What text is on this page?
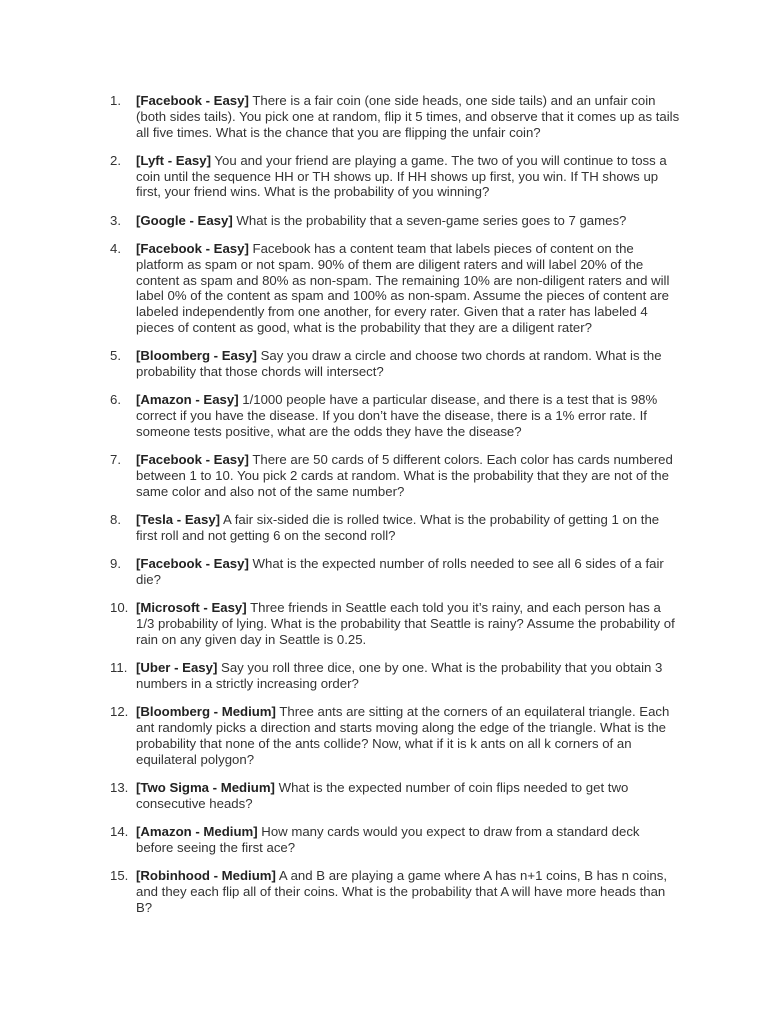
1. [Facebook - Easy] There is a fair coin (one side heads, one side tails) and an unfair coin (both sides tails). You pick one at random, flip it 5 times, and observe that it comes up as tails all five times. What is the chance that you are flipping the unfair coin?
2. [Lyft - Easy] You and your friend are playing a game. The two of you will continue to toss a coin until the sequence HH or TH shows up. If HH shows up first, you win. If TH shows up first, your friend wins. What is the probability of you winning?
3. [Google - Easy] What is the probability that a seven-game series goes to 7 games?
4. [Facebook - Easy] Facebook has a content team that labels pieces of content on the platform as spam or not spam. 90% of them are diligent raters and will label 20% of the content as spam and 80% as non-spam. The remaining 10% are non-diligent raters and will label 0% of the content as spam and 100% as non-spam. Assume the pieces of content are labeled independently from one another, for every rater. Given that a rater has labeled 4 pieces of content as good, what is the probability that they are a diligent rater?
5. [Bloomberg - Easy] Say you draw a circle and choose two chords at random. What is the probability that those chords will intersect?
6. [Amazon - Easy] 1/1000 people have a particular disease, and there is a test that is 98% correct if you have the disease. If you don’t have the disease, there is a 1% error rate. If someone tests positive, what are the odds they have the disease?
7. [Facebook - Easy] There are 50 cards of 5 different colors. Each color has cards numbered between 1 to 10. You pick 2 cards at random. What is the probability that they are not of the same color and also not of the same number?
8. [Tesla - Easy] A fair six-sided die is rolled twice. What is the probability of getting 1 on the first roll and not getting 6 on the second roll?
9. [Facebook - Easy] What is the expected number of rolls needed to see all 6 sides of a fair die?
10. [Microsoft - Easy] Three friends in Seattle each told you it’s rainy, and each person has a 1/3 probability of lying. What is the probability that Seattle is rainy? Assume the probability of rain on any given day in Seattle is 0.25.
11. [Uber - Easy] Say you roll three dice, one by one. What is the probability that you obtain 3 numbers in a strictly increasing order?
12. [Bloomberg - Medium] Three ants are sitting at the corners of an equilateral triangle. Each ant randomly picks a direction and starts moving along the edge of the triangle. What is the probability that none of the ants collide? Now, what if it is k ants on all k corners of an equilateral polygon?
13. [Two Sigma - Medium] What is the expected number of coin flips needed to get two consecutive heads?
14. [Amazon - Medium] How many cards would you expect to draw from a standard deck before seeing the first ace?
15. [Robinhood - Medium] A and B are playing a game where A has n+1 coins, B has n coins, and they each flip all of their coins. What is the probability that A will have more heads than B?
